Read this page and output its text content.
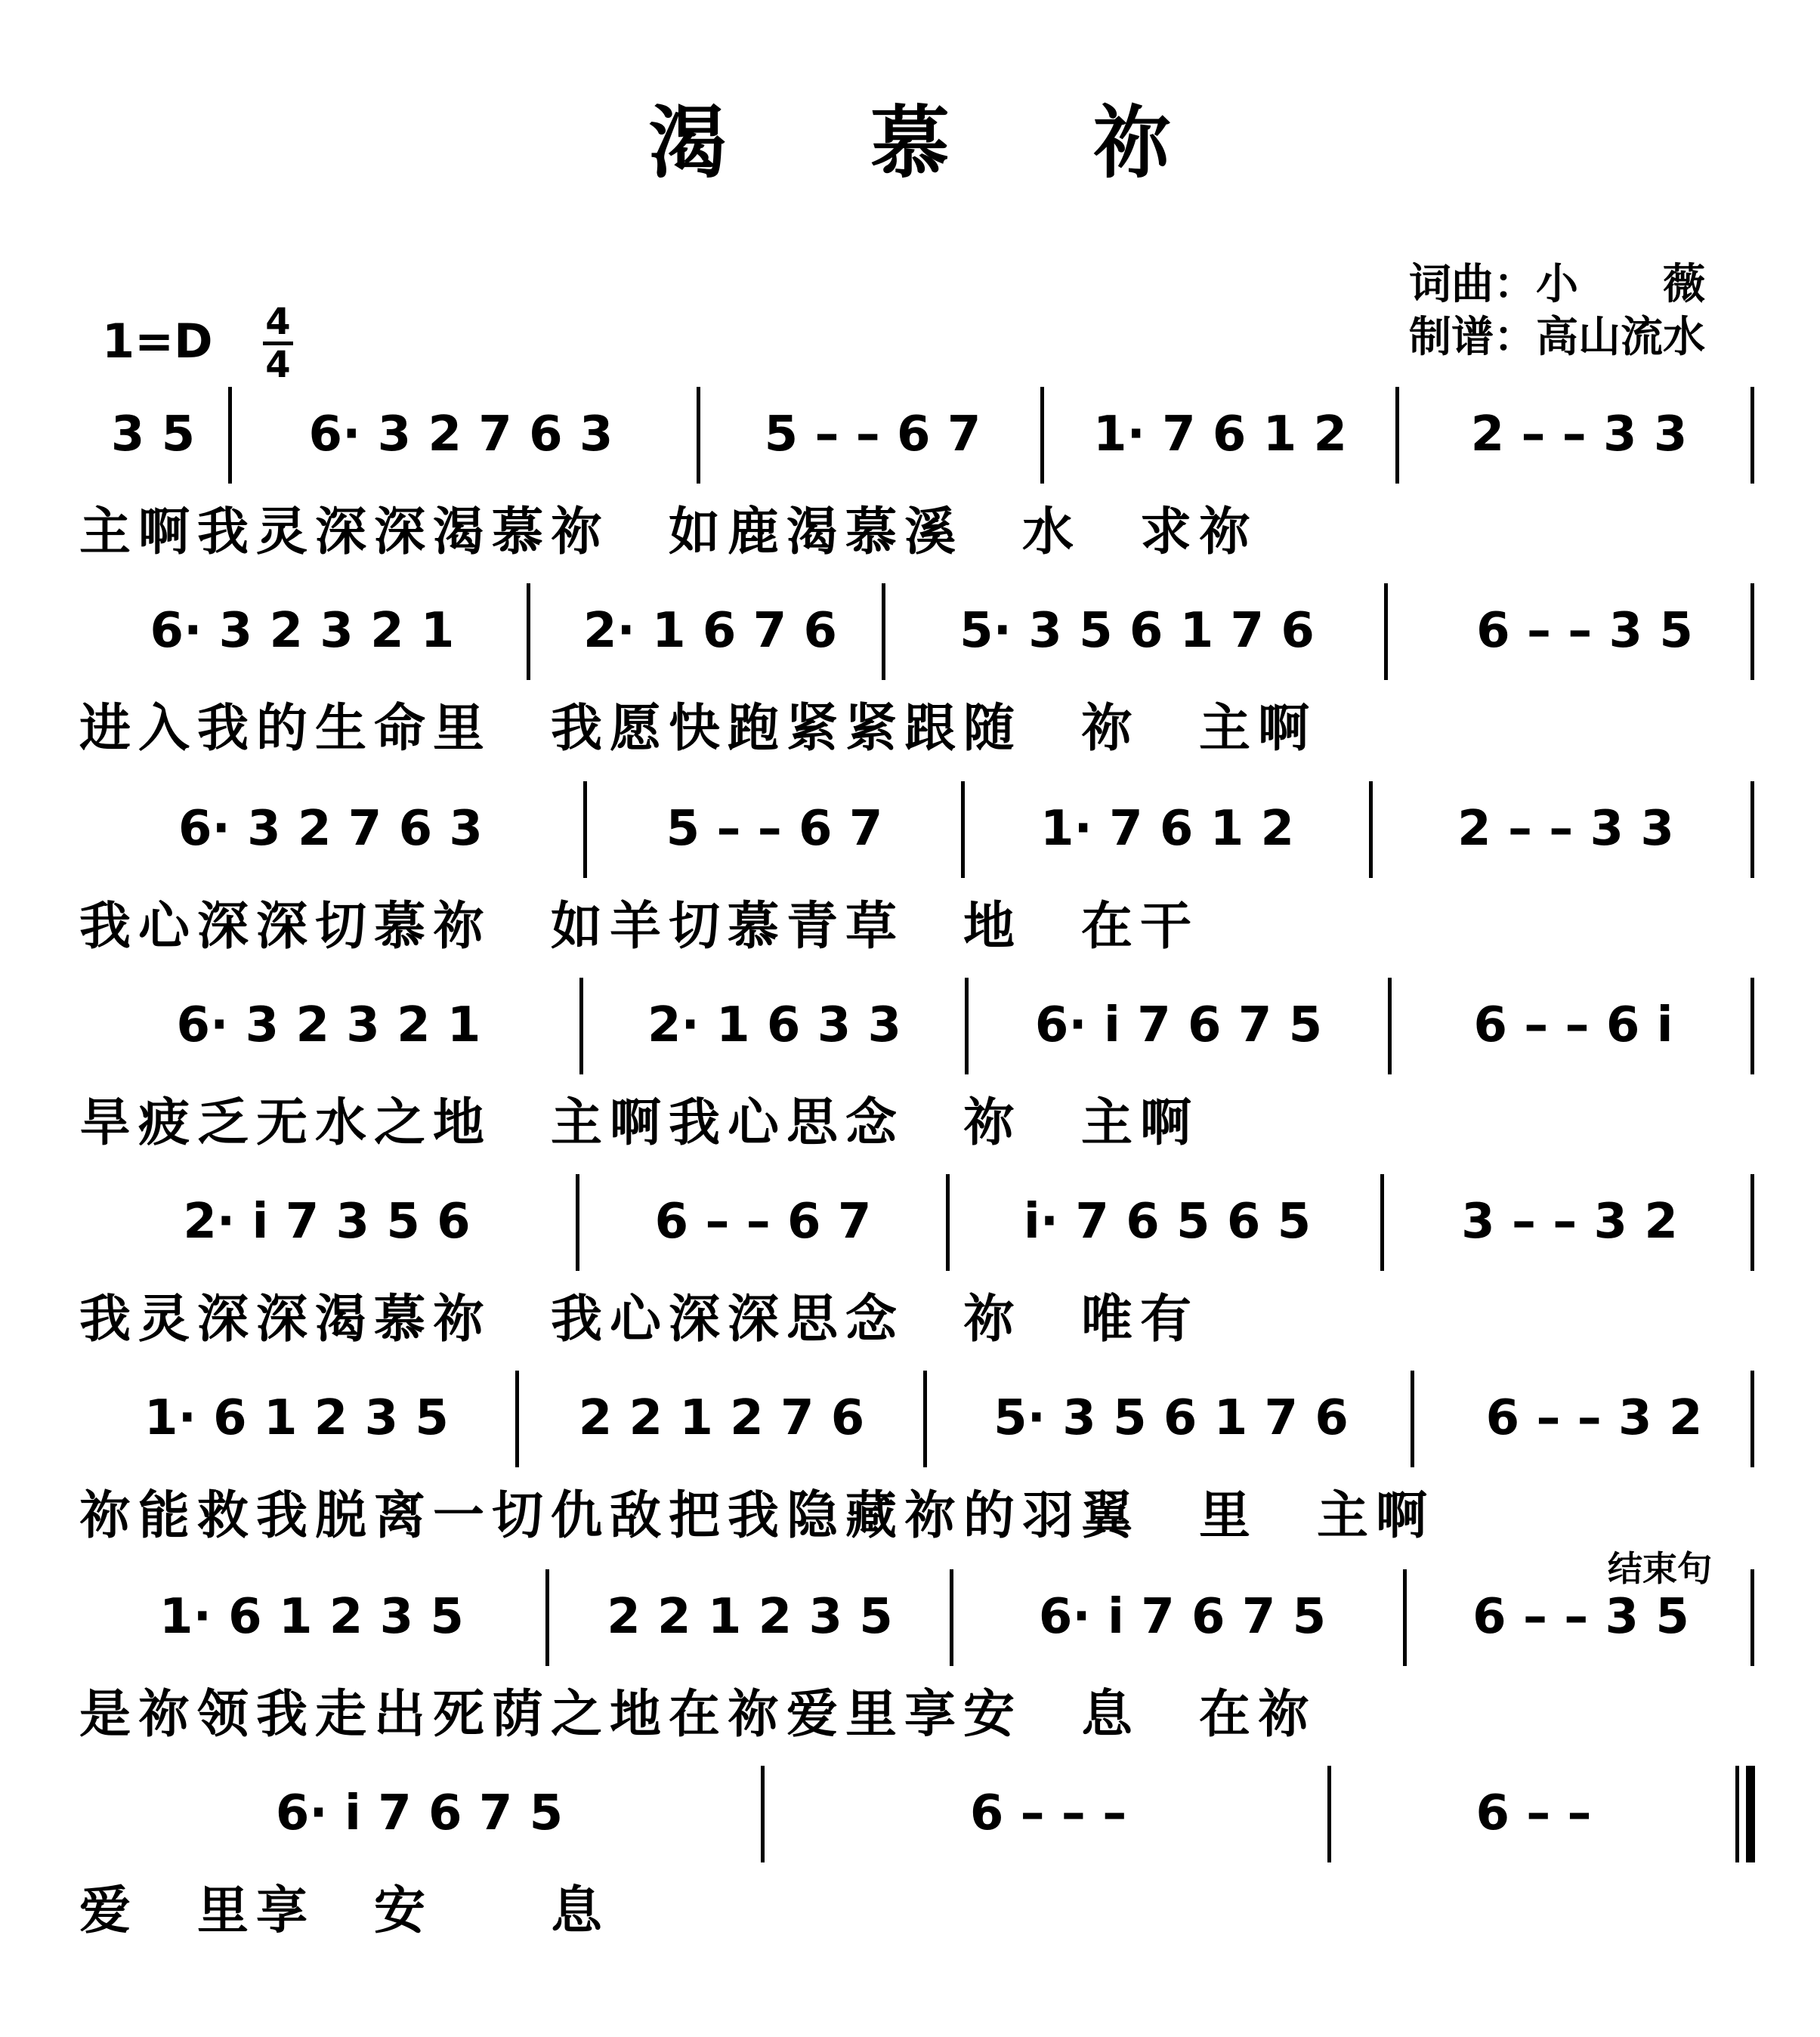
渴慕祢
词曲：小　　薇
制谱：高山流水
1=D 4
4
结束句
3 5	6· 3 2 7 6 3	5 – – 6 7	1· 7 6 1 2	2 – – 3 3
主啊我灵深深渴慕祢　如鹿渴慕溪　水　求祢
6· 3 2 3 2 1	2· 1 6 7 6	5· 3 5 6 1 7 6	6 – – 3 5
进入我的生命里　我愿快跑紧紧跟随　祢　主啊
6· 3 2 7 6 3	5 – – 6 7	1· 7 6 1 2	2 – – 3 3
我心深深切慕祢　如羊切慕青草　地　在干
6· 3 2 3 2 1	2· 1 6 3 3	6· i 7 6 7 5	6 – – 6 i
旱疲乏无水之地　主啊我心思念　祢　主啊
2· i 7 3 5 6	6 – – 6 7	i· 7 6 5 6 5	3 – – 3 2
我灵深深渴慕祢　我心深深思念　祢　唯有
1· 6 1 2 3 5	2 2 1 2 7 6	5· 3 5 6 1 7 6	6 – – 3 2
祢能救我脱离一切仇敌把我隐藏祢的羽翼　里　主啊
1· 6 1 2 3 5	2 2 1 2 3 5	6· i 7 6 7 5	6 – – 3 5
是祢领我走出死荫之地在祢爱里享安　息　在祢
6· i 7 6 7 5	6 – – –	6 – –
爱　里享　安　　息
